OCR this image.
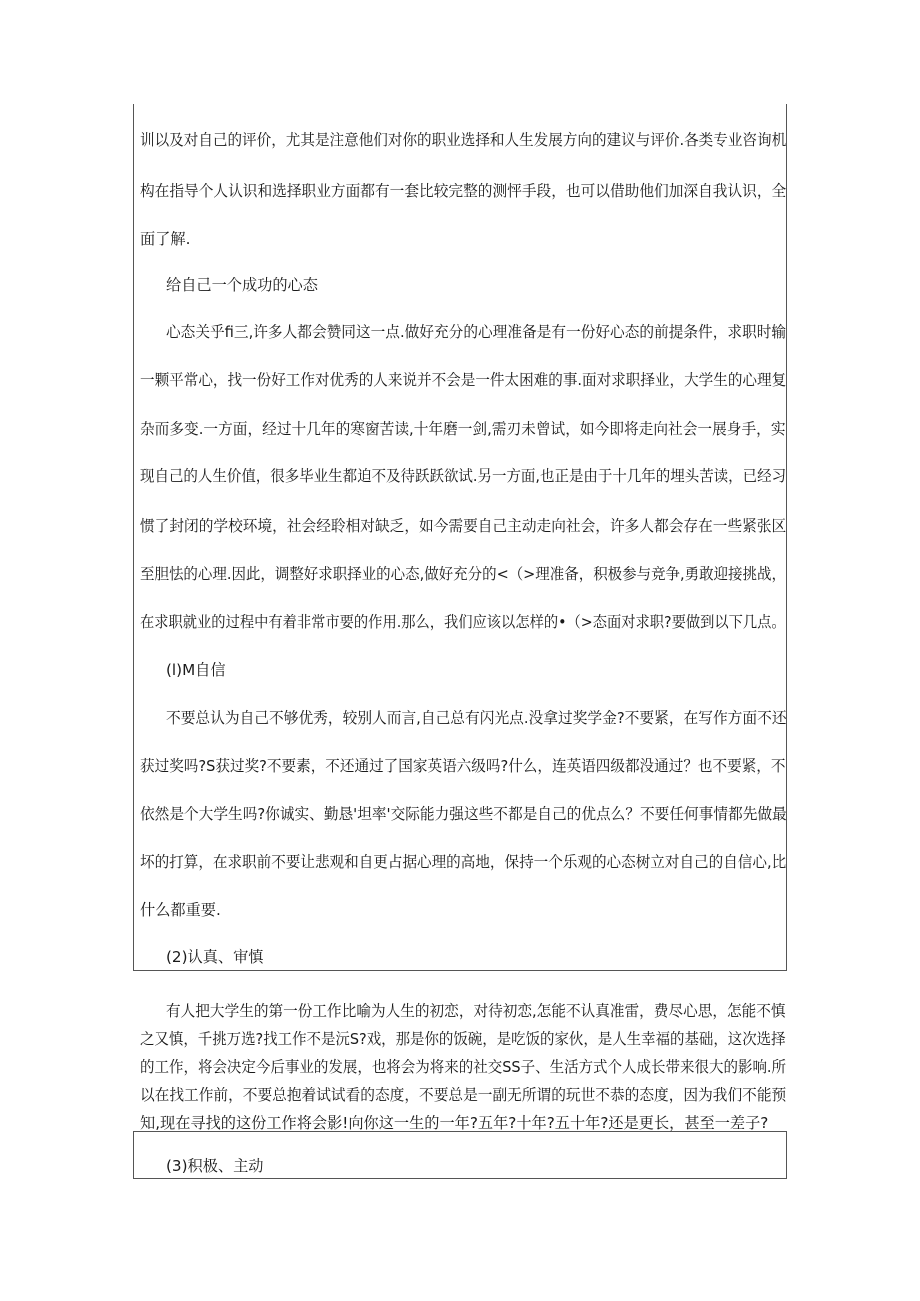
训以及对自己的评价，尤其是注意他们对你的职业选择和人生发展方向的建议与评价.各类专业咨询机
构在指导个人认识和选择职业方面都有一套比较完整的测怦手段，也可以借助他们加深自我认识，全
面了解.
给自己一个成功的心态
心态关乎fi三,许多人都会赞同这一点.做好充分的心理准备是有一份好心态的前提条件，求职时输
一颗平常心，找一份好工作对优秀的人来说并不会是一件太困难的事.面对求职择业，大学生的心理复
杂而多变.一方面，经过十几年的寒窗苦读,十年磨一剑,需刃未曾试，如今即将走向社会一展身手，实
现自己的人生价值，很多毕业生都迫不及待跃跃欲试.另一方面,也正是由于十几年的埋头苦读，已经习
惯了封闭的学校环境，社会经聆相对缺乏，如今需要自己主动走向社会，许多人都会存在一些紧张区
至胆怯的心理.因此，调整好求职择业的心态,做好充分的<（>理准备，积极参与竞争,勇敢迎接挑战，
在求职就业的过程中有着非常市要的作用.那么，我们应该以怎样的•（>态面对求职?要做到以下几点。
(l)M自信
不要总认为自己不够优秀，较别人而言,自己总有闪光点.没拿过奖学金?不要紧，在写作方面不还
获过奖吗?S获过奖?不要素，不还通过了国家英语六级吗?什么，连英语四级都没通过？也不要紧，不
依然是个大学生吗?你诚实、勤恳'坦率'交际能力强这些不都是自己的优点么？不要任何事情都先做最
坏的打算，在求职前不要让悲观和自更占据心理的高地，保持一个乐观的心态树立对自己的自信心,比
什么都重要.
(2)认真、审慎
有人把大学生的第一份工作比喻为人生的初恋，对待初恋,怎能不认真准雷，费尽心思，怎能不慎
之又慎，千挑万选?找工作不是沅S?戏，那是你的饭碗，是吃饭的家伙，是人生幸福的基础，这次选择
的工作，将会决定今后事业的发展，也将会为将来的社交SS子、生活方式个人成长带来很大的影响.所
以在找工作前，不要总抱着试试看的态度，不要总是一副无所谓的玩世不恭的态度，因为我们不能预
知,现在寻找的这份工作将会影!向你这一生的一年?五年?十年?五十年?还是更长，甚至一差子?
(3)积极、主动
